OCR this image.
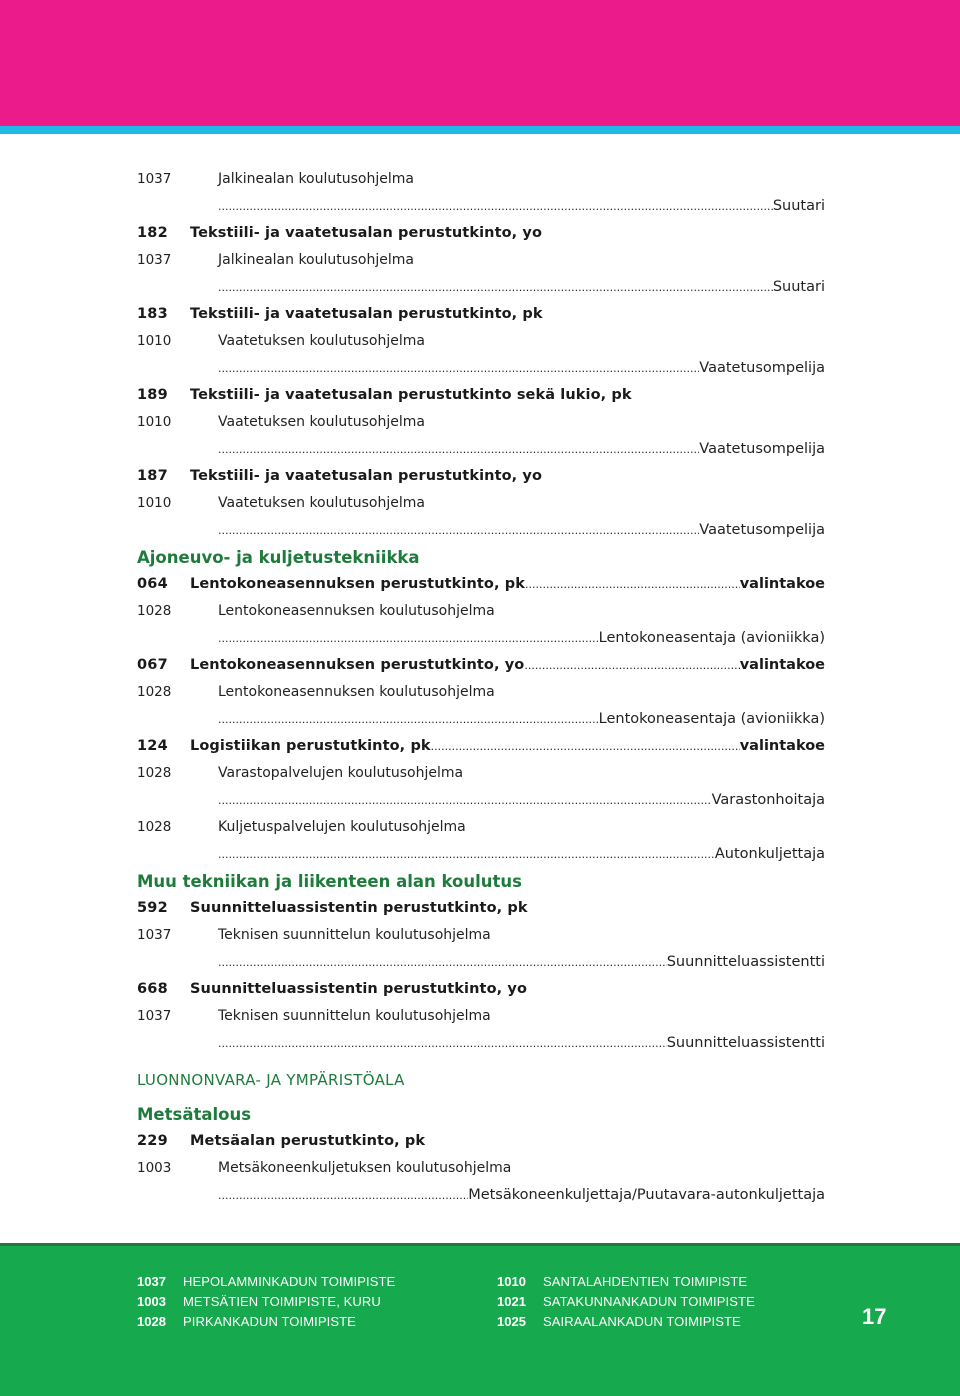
1037	Jalkinealan koulutusohjelma
.....
Suutari
182	Tekstiili- ja vaatetusalan perustutkinto, yo
1037	Jalkinealan koulutusohjelma
.....
Suutari
183	Tekstiili- ja vaatetusalan perustutkinto, pk
1010	Vaatetuksen koulutusohjelma
.....
Vaatetusompelija
189	Tekstiili- ja vaatetusalan perustutkinto sekä lukio, pk
1010	Vaatetuksen koulutusohjelma
.....
Vaatetusompelija
187	Tekstiili- ja vaatetusalan perustutkinto, yo
1010	Vaatetuksen koulutusohjelma
.....
Vaatetusompelija
Ajoneuvo- ja kuljetustekniikka
064	Lentokoneasennuksen perustutkinto, pk .....	valintakoe
1028	Lentokoneasennuksen koulutusohjelma
.....
Lentokoneasentaja (avioniikka)
067	Lentokoneasennuksen perustutkinto, yo .....	valintakoe
1028	Lentokoneasennuksen koulutusohjelma
.....
Lentokoneasentaja (avioniikka)
124	Logistiikan perustutkinto, pk .....	valintakoe
1028	Varastopalvelujen koulutusohjelma
.....
Varastonhoitaja
1028	Kuljetuspalvelujen koulutusohjelma
.....
Autonkuljettaja
Muu tekniikan ja liikenteen alan koulutus
592	Suunnitteluassistentin perustutkinto, pk
1037	Teknisen suunnittelun koulutusohjelma
.....
Suunnitteluassistentti
668	Suunnitteluassistentin perustutkinto, yo
1037	Teknisen suunnittelun koulutusohjelma
.....
Suunnitteluassistentti
LUONNONVARA- JA YMPÄRISTÖALA
Metsätalous
229	Metsäalan perustutkinto, pk
1003	Metsäkoneenkuljetuksen koulutusohjelma
.....
Metsäkoneenkuljettaja/Puutavara-autonkuljettaja
1037	HEPOLAMMINKADUN TOIMIPISTE
1003	METSÄTIEN TOIMIPISTE, KURU
1028	PIRKANKADUN TOIMIPISTE
1010	SANTALAHDENTIEN TOIMIPISTE
1021	SATAKUNNANKADUN TOIMIPISTE
1025	SAIRAALANKADUN TOIMIPISTE	17
